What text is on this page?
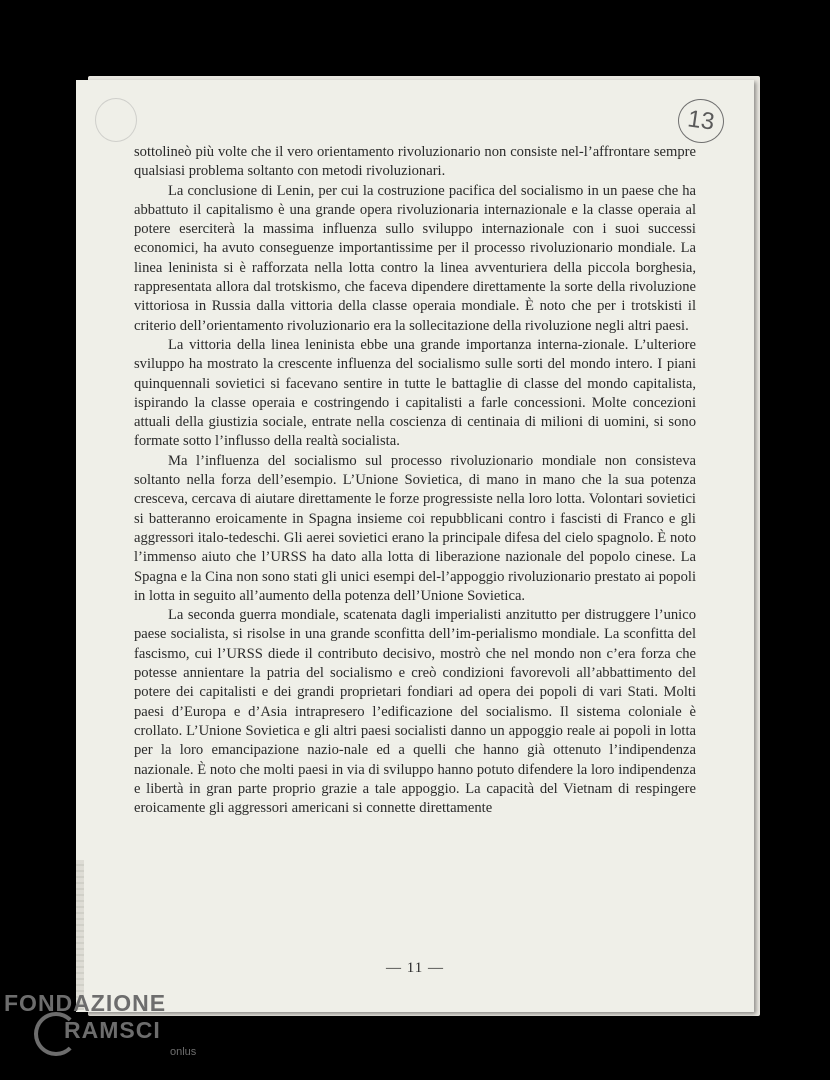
13

sottolineò più volte che il vero orientamento rivoluzionario non consiste nel-l’affrontare sempre qualsiasi problema soltanto con metodi rivoluzionari.

La conclusione di Lenin, per cui la costruzione pacifica del socialismo in un paese che ha abbattuto il capitalismo è una grande opera rivoluzionaria internazionale e la classe operaia al potere eserciterà la massima influenza sullo sviluppo internazionale con i suoi successi economici, ha avuto conseguenze importantissime per il processo rivoluzionario mondiale. La linea leninista si è rafforzata nella lotta contro la linea avventuriera della piccola borghesia, rappresentata allora dal trotskismo, che faceva dipendere direttamente la sorte della rivoluzione vittoriosa in Russia dalla vittoria della classe operaia mondiale. È noto che per i trotskisti il criterio dell’orientamento rivoluzionario era la sollecitazione della rivoluzione negli altri paesi.

La vittoria della linea leninista ebbe una grande importanza interna-zionale. L’ulteriore sviluppo ha mostrato la crescente influenza del socialismo sulle sorti del mondo intero. I piani quinquennali sovietici si facevano sentire in tutte le battaglie di classe del mondo capitalista, ispirando la classe operaia e costringendo i capitalisti a farle concessioni. Molte concezioni attuali della giustizia sociale, entrate nella coscienza di centinaia di milioni di uomini, si sono formate sotto l’influsso della realtà socialista.

Ma l’influenza del socialismo sul processo rivoluzionario mondiale non consisteva soltanto nella forza dell’esempio. L’Unione Sovietica, di mano in mano che la sua potenza cresceva, cercava di aiutare direttamente le forze progressiste nella loro lotta. Volontari sovietici si batteranno eroicamente in Spagna insieme coi repubblicani contro i fascisti di Franco e gli aggressori italo-tedeschi. Gli aerei sovietici erano la principale difesa del cielo spagnolo. È noto l’immenso aiuto che l’URSS ha dato alla lotta di liberazione nazionale del popolo cinese. La Spagna e la Cina non sono stati gli unici esempi del-l’appoggio rivoluzionario prestato ai popoli in lotta in seguito all’aumento della potenza dell’Unione Sovietica.

La seconda guerra mondiale, scatenata dagli imperialisti anzitutto per distruggere l’unico paese socialista, si risolse in una grande sconfitta dell’im-perialismo mondiale. La sconfitta del fascismo, cui l’URSS diede il contributo decisivo, mostrò che nel mondo non c’era forza che potesse annientare la patria del socialismo e creò condizioni favorevoli all’abbattimento del potere dei capitalisti e dei grandi proprietari fondiari ad opera dei popoli di vari Stati. Molti paesi d’Europa e d’Asia intrapresero l’edificazione del socialismo. Il sistema coloniale è crollato. L’Unione Sovietica e gli altri paesi socialisti danno un appoggio reale ai popoli in lotta per la loro emancipazione nazio-nale ed a quelli che hanno già ottenuto l’indipendenza nazionale. È noto che molti paesi in via di sviluppo hanno potuto difendere la loro indipendenza e libertà in gran parte proprio grazie a tale appoggio. La capacità del Vietnam di respingere eroicamente gli aggressori americani si connette direttamente

— 11 —
FONDAZIONE
RAMSCI
onlus
